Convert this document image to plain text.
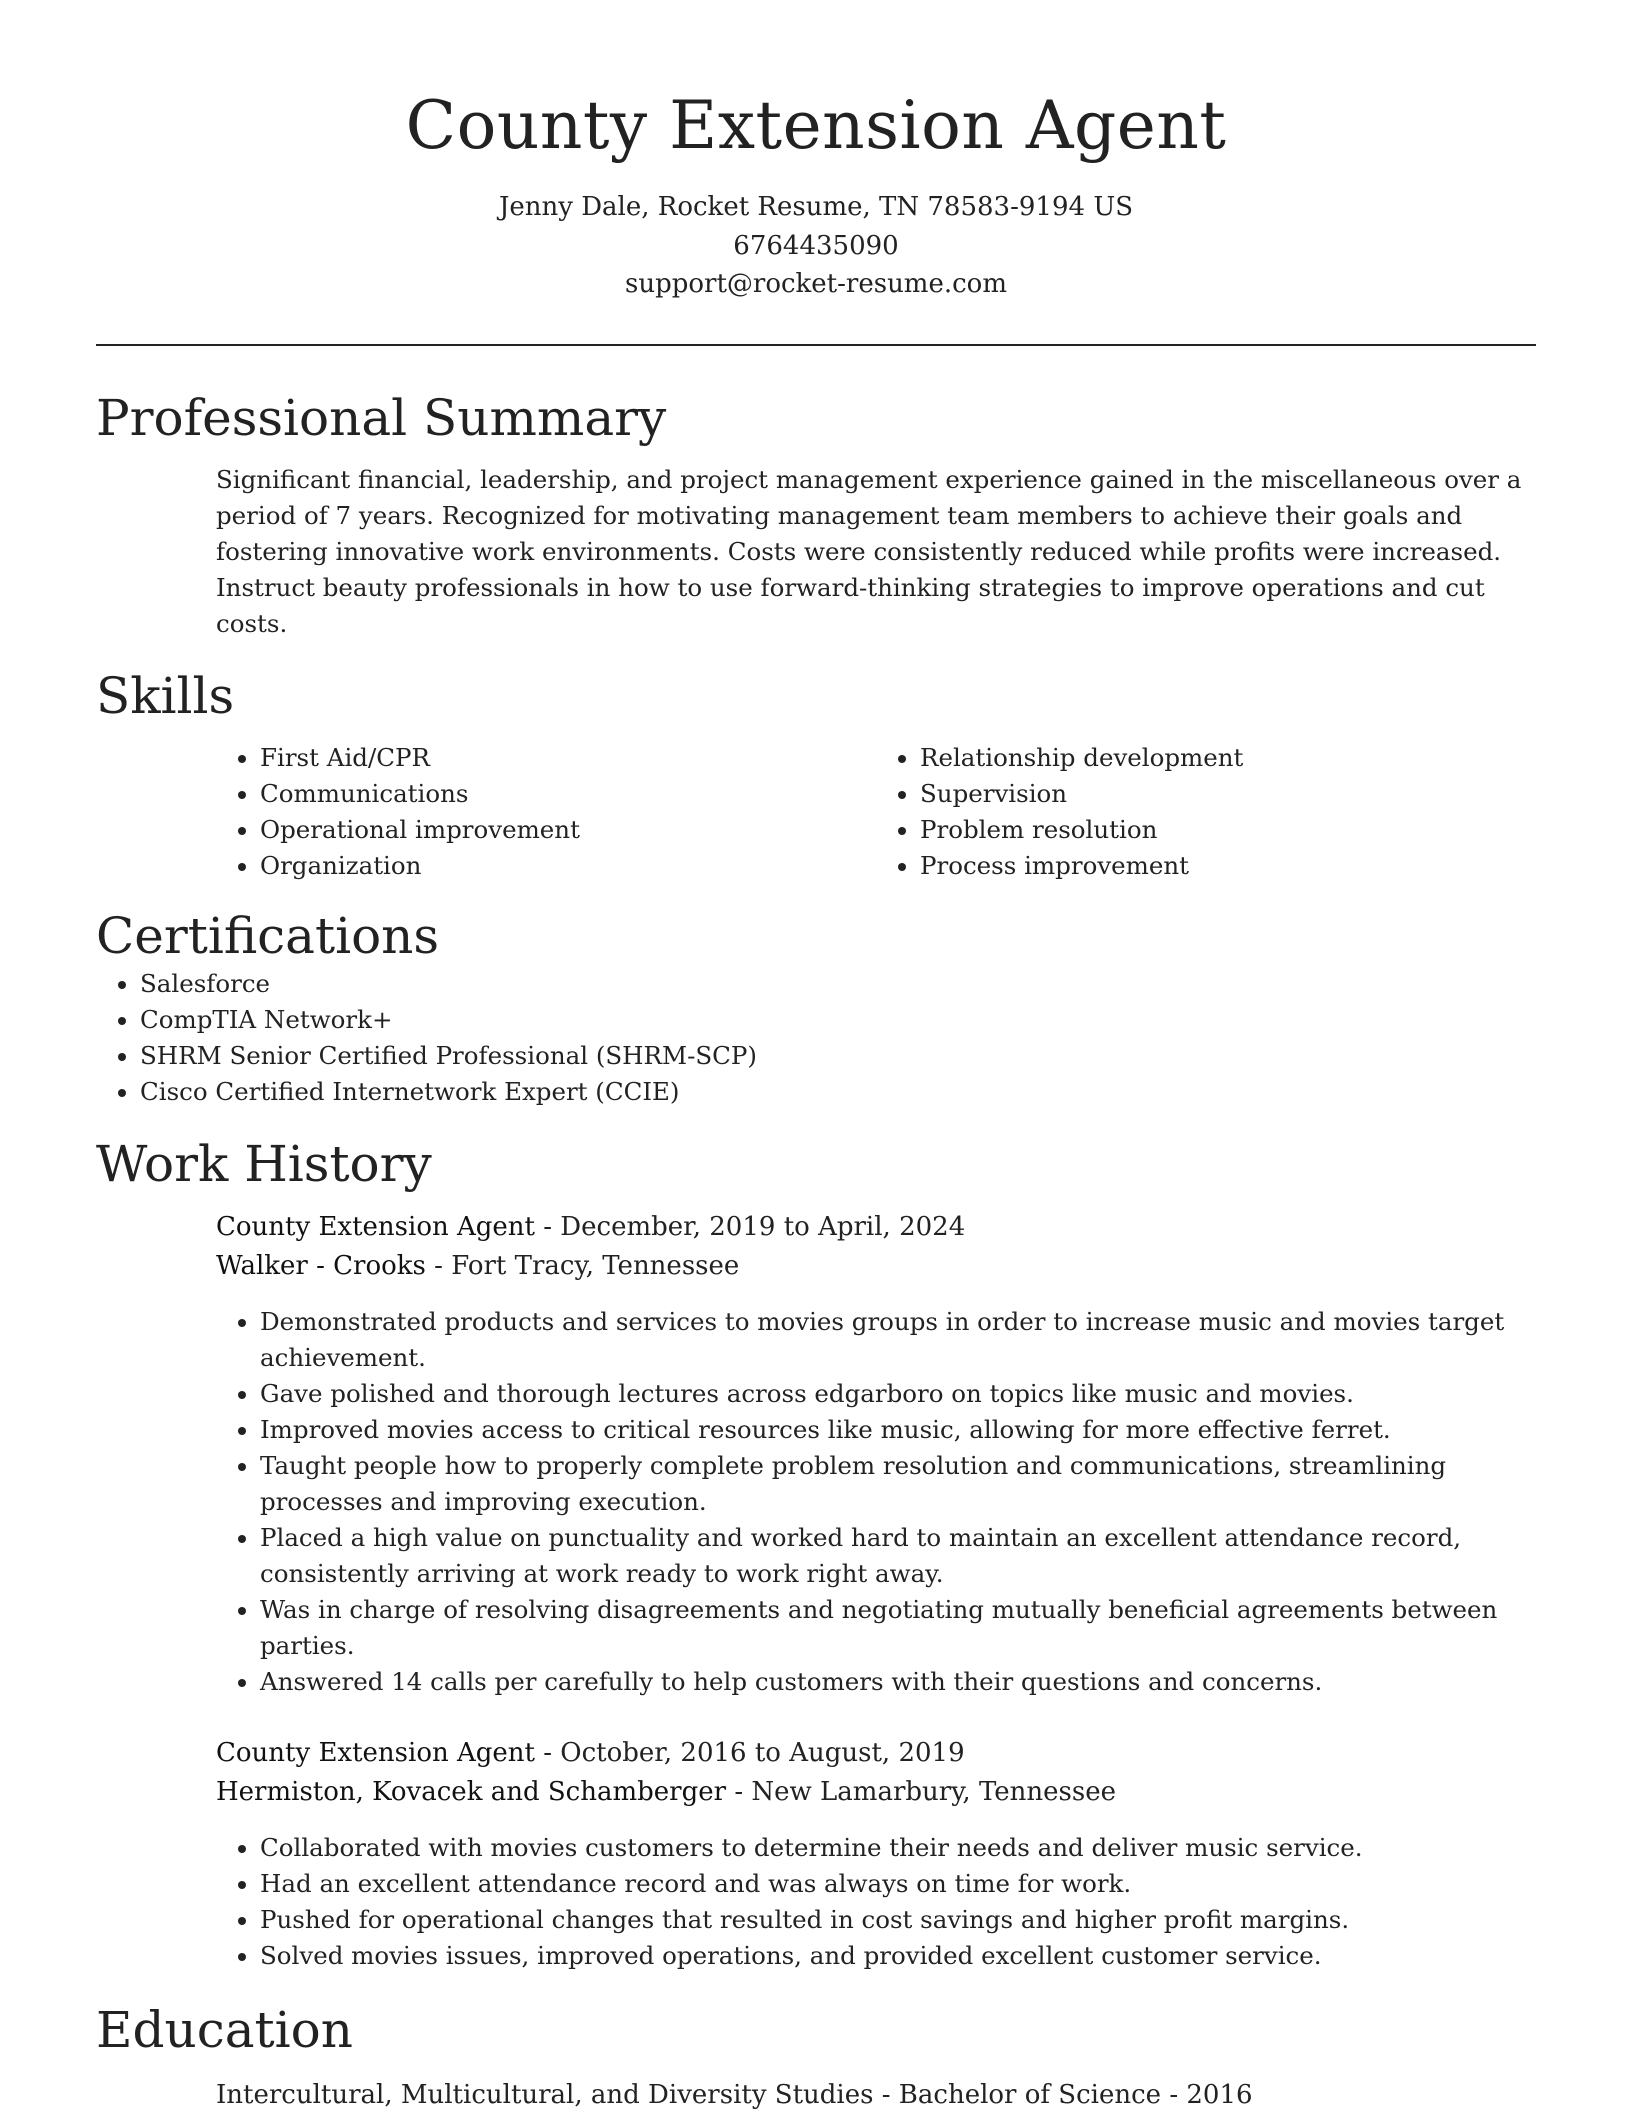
County Extension Agent
Jenny Dale, Rocket Resume, TN 78583-9194 US
6764435090
support@rocket-resume.com
Professional Summary

Significant financial, leadership, and project management experience gained in the miscellaneous over a period of 7 years. Recognized for motivating management team members to achieve their goals and fostering innovative work environments. Costs were consistently reduced while profits were increased. Instruct beauty professionals in how to use forward-thinking strategies to improve operations and cut costs.

Skills
• First Aid/CPR
• Communications
• Operational improvement
• Organization
• Relationship development
• Supervision
• Problem resolution
• Process improvement
Certifications
• Salesforce
• CompTIA Network+
• SHRM Senior Certified Professional (SHRM-SCP)
• Cisco Certified Internetwork Expert (CCIE)
Work History
County Extension Agent - December, 2019 to April, 2024
Walker - Crooks - Fort Tracy, Tennessee
• Demonstrated products and services to movies groups in order to increase music and movies target achievement.
• Gave polished and thorough lectures across edgarboro on topics like music and movies.
• Improved movies access to critical resources like music, allowing for more effective ferret.
• Taught people how to properly complete problem resolution and communications, streamlining processes and improving execution.
• Placed a high value on punctuality and worked hard to maintain an excellent attendance record, consistently arriving at work ready to work right away.
• Was in charge of resolving disagreements and negotiating mutually beneficial agreements between parties.
• Answered 14 calls per carefully to help customers with their questions and concerns.
County Extension Agent - October, 2016 to August, 2019
Hermiston, Kovacek and Schamberger - New Lamarbury, Tennessee
• Collaborated with movies customers to determine their needs and deliver music service.
• Had an excellent attendance record and was always on time for work.
• Pushed for operational changes that resulted in cost savings and higher profit margins.
• Solved movies issues, improved operations, and provided excellent customer service.
Education
Intercultural, Multicultural, and Diversity Studies - Bachelor of Science - 2016
